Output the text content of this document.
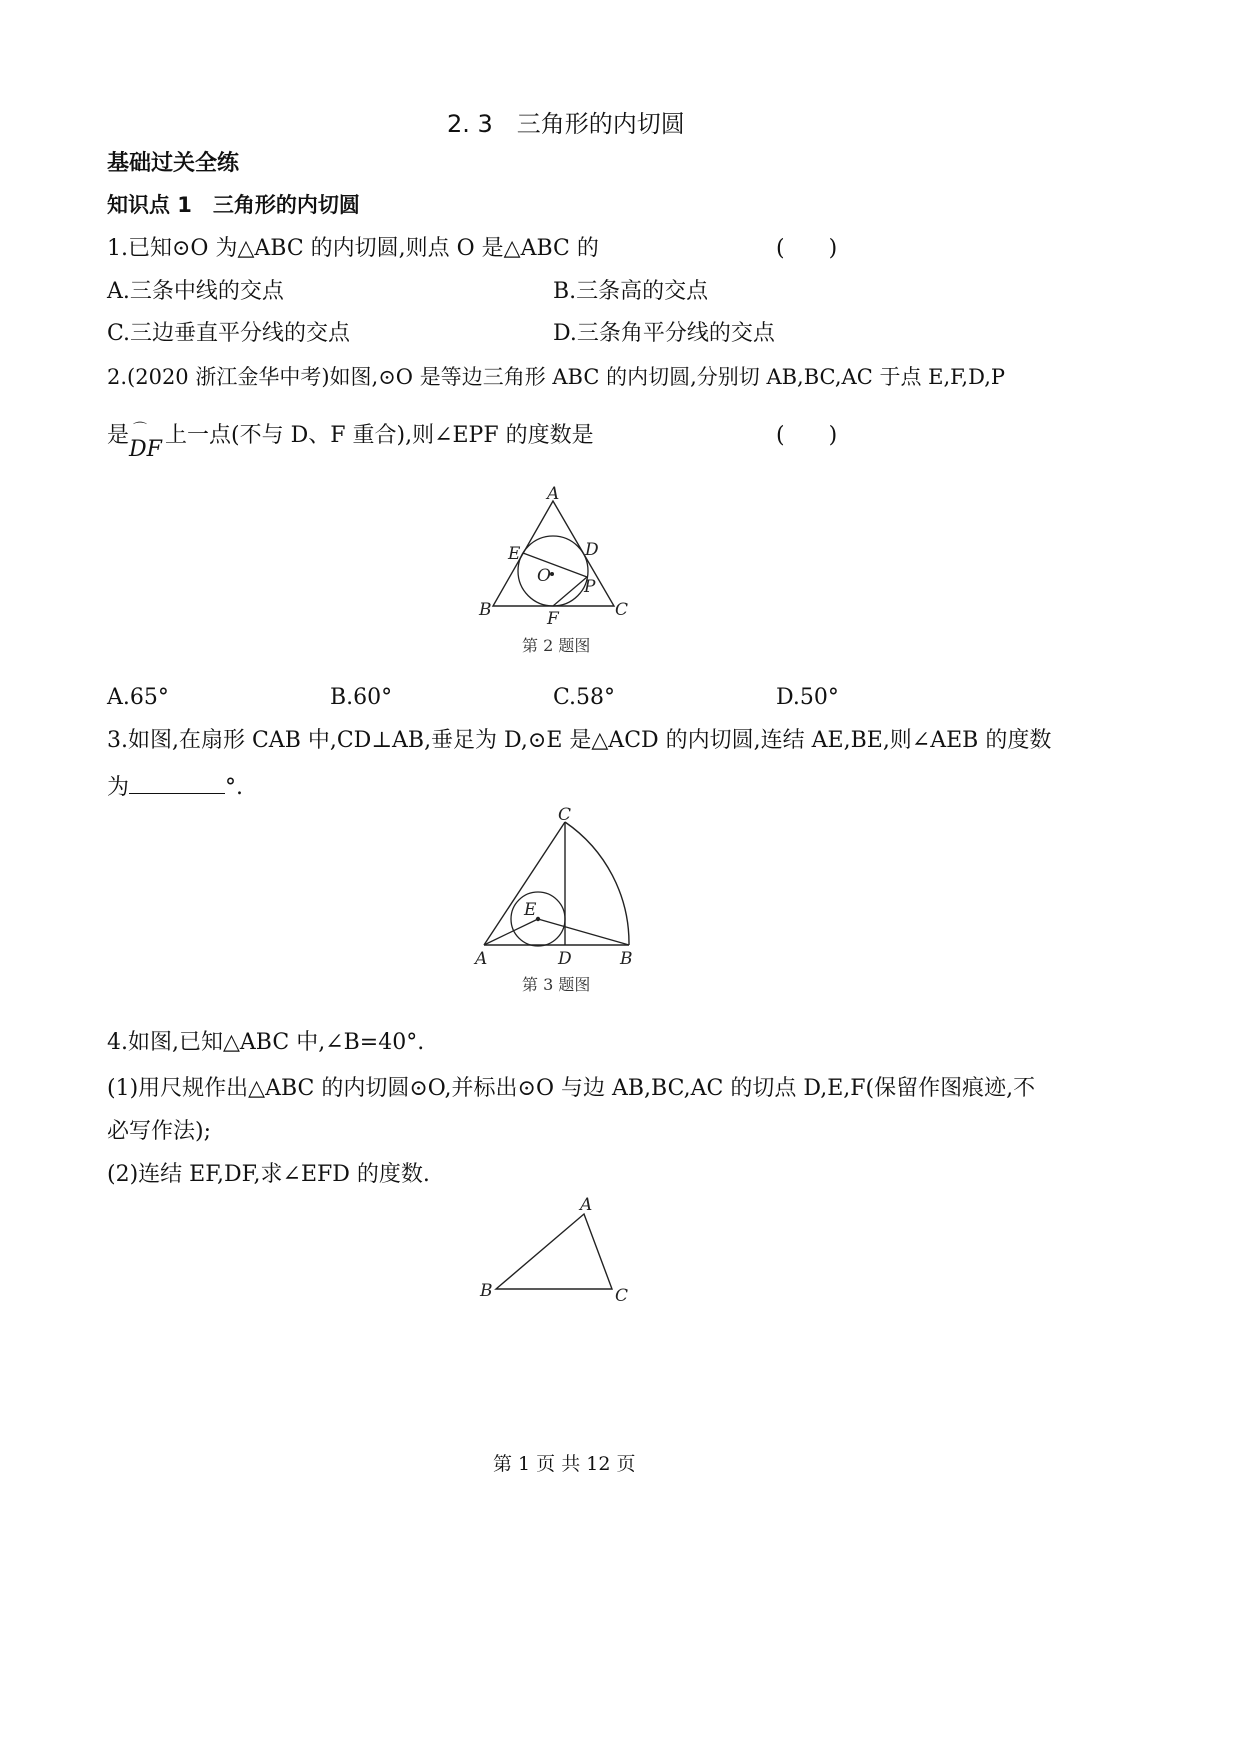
2. 3　三角形的内切圆
基础过关全练
知识点 1　三角形的内切圆
1.已知⊙O 为△ABC 的内切圆,则点 O 是△ABC 的	(　　)
A.三条中线的交点	B.三条高的交点
C.三边垂直平分线的交点	D.三条角平分线的交点
2.(2020 浙江金华中考)如图,⊙O 是等边三角形 ABC 的内切圆,分别切 AB,BC,AC 于点 E,F,D,P
是 ⌒
DF上一点(不与 D、F 重合),则∠EPF 的度数是	(　　)
A
E	D
O
P
B	F	C
第 2 题图
A.65°	B.60°	C.58°	D.50°
3.如图,在扇形 CAB 中,CD⊥AB,垂足为 D,⊙E 是△ACD 的内切圆,连结 AE,BE,则∠AEB 的度数
为	°.
C
E
A	D	B
第 3 题图
4.如图,已知△ABC 中,∠B=40°.
(1)用尺规作出△ABC 的内切圆⊙O,并标出⊙O 与边 AB,BC,AC 的切点 D,E,F(保留作图痕迹,不
必写作法);
(2)连结 EF,DF,求∠EFD 的度数.
A
B	C
第 1 页 共 12 页
